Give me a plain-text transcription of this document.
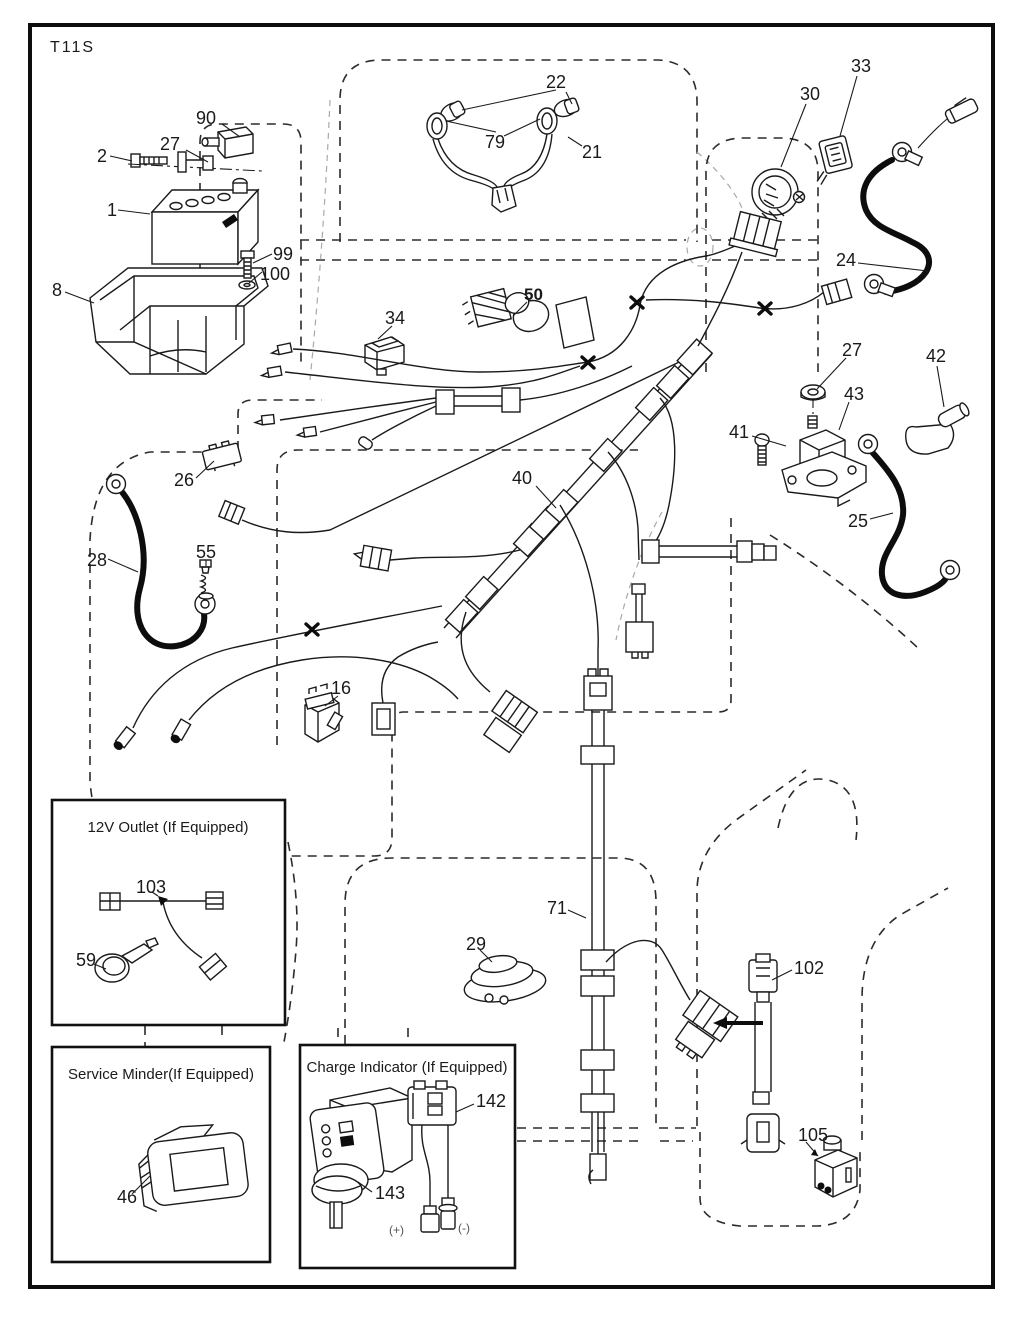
T11S
12V Outlet (If Equipped)
Service Minder(If Equipped)	Charge Indicator (If Equipped)
(+)	(-)
90
2
27
1
99
100
8
22
79	21
30
33
24
34
50
26	40
27	42
43
41
25
28	55
16
71
29
102
105
103
59
46
142
143
